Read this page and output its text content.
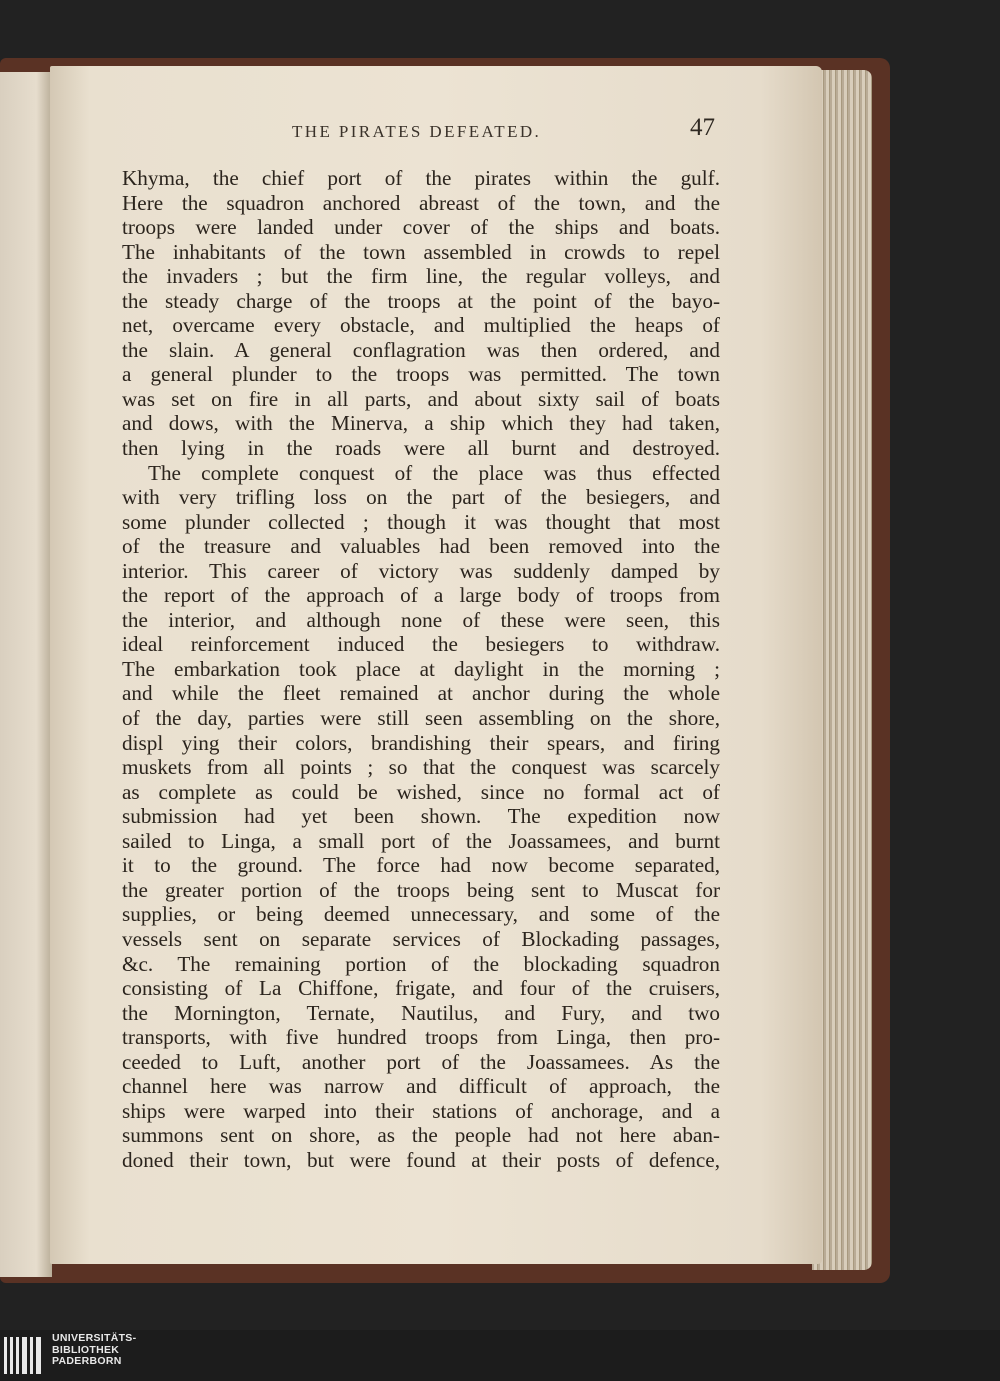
THE PIRATES DEFEATED.	47
Khyma, the chief port of the pirates within the gulf.
Here the squadron anchored abreast of the town, and the
troops were landed under cover of the ships and boats.
The inhabitants of the town assembled in crowds to repel
the invaders ; but the firm line, the regular volleys, and
the steady charge of the troops at the point of the bayo-
net, overcame every obstacle, and multiplied the heaps of
the slain. A general conflagration was then ordered, and
a general plunder to the troops was permitted. The town
was set on fire in all parts, and about sixty sail of boats
and dows, with the Minerva, a ship which they had taken,
then lying in the roads were all burnt and destroyed.
The complete conquest of the place was thus effected
with very trifling loss on the part of the besiegers, and
some plunder collected ; though it was thought that most
of the treasure and valuables had been removed into the
interior. This career of victory was suddenly damped by
the report of the approach of a large body of troops from
the interior, and although none of these were seen, this
ideal reinforcement induced the besiegers to withdraw.
The embarkation took place at daylight in the morning ;
and while the fleet remained at anchor during the whole
of the day, parties were still seen assembling on the shore,
displ ying their colors, brandishing their spears, and firing
muskets from all points ; so that the conquest was scarcely
as complete as could be wished, since no formal act of
submission had yet been shown. The expedition now
sailed to Linga, a small port of the Joassamees, and burnt
it to the ground. The force had now become separated,
the greater portion of the troops being sent to Muscat for
supplies, or being deemed unnecessary, and some of the
vessels sent on separate services of Blockading passages,
&c. The remaining portion of the blockading squadron
consisting of La Chiffone, frigate, and four of the cruisers,
the Mornington, Ternate, Nautilus, and Fury, and two
transports, with five hundred troops from Linga, then pro-
ceeded to Luft, another port of the Joassamees. As the
channel here was narrow and difficult of approach, the
ships were warped into their stations of anchorage, and a
summons sent on shore, as the people had not here aban-
doned their town, but were found at their posts of defence,
UNIVERSITÄTS-
BIBLIOTHEK
PADERBORN
